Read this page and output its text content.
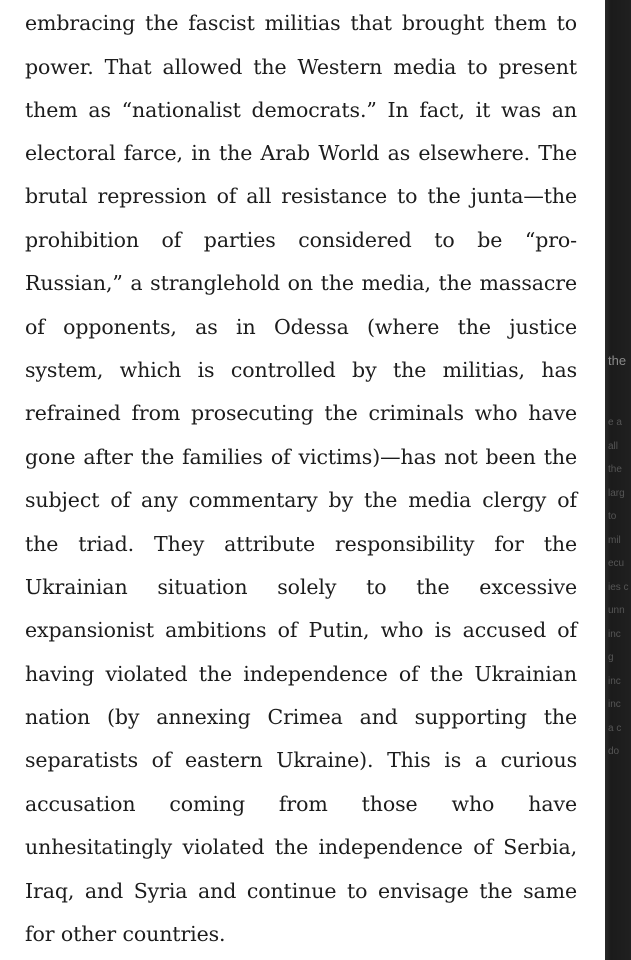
embracing the fascist militias that brought them to
power. That allowed the Western media to present
them as “nationalist democrats.” In fact, it was an
electoral farce, in the Arab World as elsewhere. The
brutal repression of all resistance to the junta—the
prohibition of parties considered to be “pro-
Russian,” a stranglehold on the media, the massacre
of opponents, as in Odessa (where the justice
system, which is controlled by the militias, has
refrained from prosecuting the criminals who have
gone after the families of victims)—has not been the
subject of any commentary by the media clergy of
the triad. They attribute responsibility for the
Ukrainian situation solely to the excessive
expansionist ambitions of Putin, who is accused of
having violated the independence of the Ukrainian
nation (by annexing Crimea and supporting the
separatists of eastern Ukraine). This is a curious
accusation coming from those who have
unhesitatingly violated the independence of Serbia,
Iraq, and Syria and continue to envisage the same
for other countries.
the
e a
all
the
larg
to
mil
ecu
ies c
unn
inc
g
inc
inc
a c
do
